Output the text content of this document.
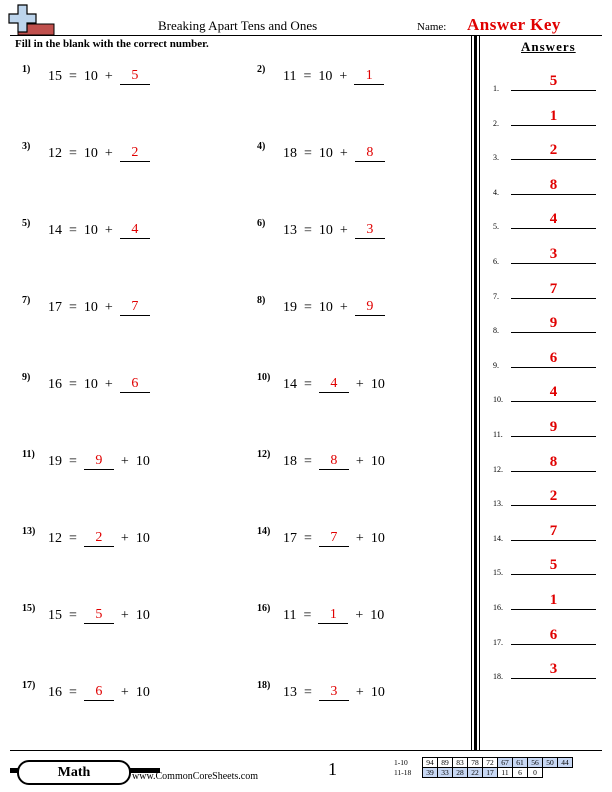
Breaking Apart Tens and Ones	Name: Answer Key
Fill in the blank with the correct number.	Answers
1) 15 = 10 +	5	2) 11 = 10 +	1
3) 12 = 10 +	2	4) 18 = 10 +	8
5) 14 = 10 +	4	6) 13 = 10 +	3
7) 17 = 10 +	7	8) 19 = 10 +	9
9) 16 = 10 +	6	10) 14 =	4	+ 10
11) 19 =	9	+ 10	12) 18 =	8	+ 10
13) 12 =	2	+ 10	14) 17 =	7	+ 10
15) 15 =	5	+ 10	16) 11 =	1	+ 10
17) 16 =	6	+ 10	18) 13 =	3	+ 10
1.	5
2.	1
3.	2
4.	8
5.	4
6.	3
7.	7
8.	9
9.	6
10.	4
11.	9
12.	8
13.	2
14.	7
15.	5
16.	1
17.	6
18.	3
Math	www.CommonCoreSheets.com	1	1-10	94	89	83	78	72	67	61	56	50	44
11-18	39	33	28	22	17	11	6	0		
